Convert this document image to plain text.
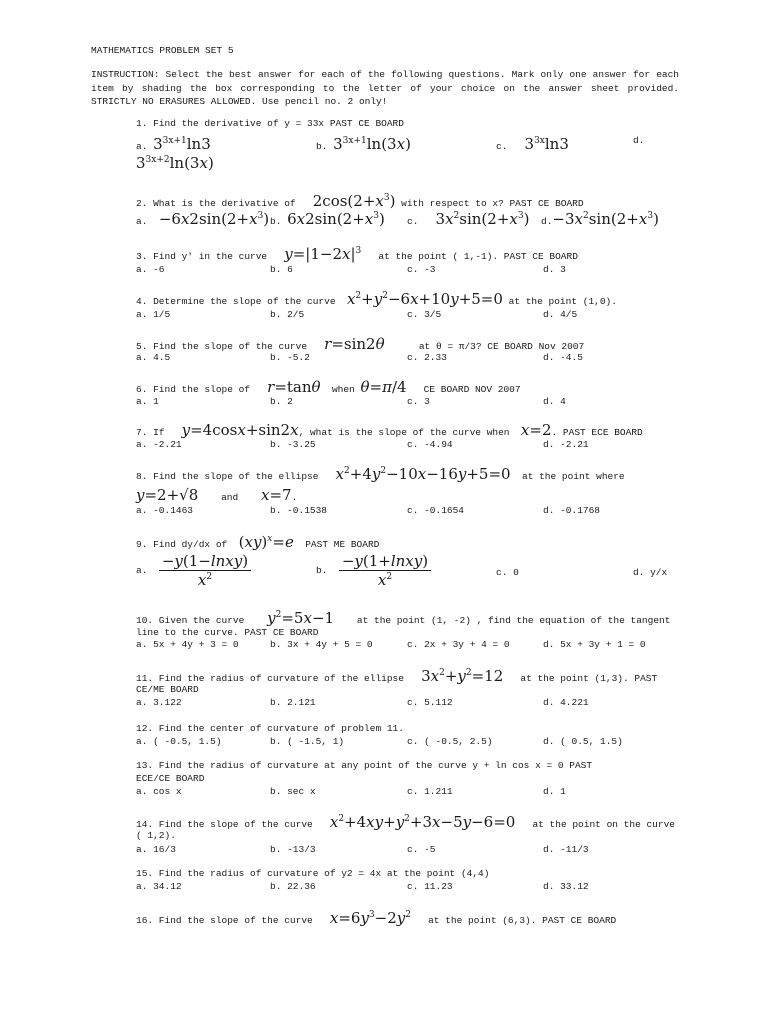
MATHEMATICS PROBLEM SET 5
INSTRUCTION: Select the best answer for each of the following questions. Mark only one answer for each item by shading the box corresponding to the letter of your choice on the answer sheet provided. STRICTLY NO ERASURES ALLOWED. Use pencil no. 2 only!
1. Find the derivative of y = 33x PAST CE BOARD
a. $3^{3x+1}\ln 3$	b. $3^{3x+1}\ln(3x)$	c. $3^{3x}\ln 3$	d.
$3^{3x+2}\ln(3x)$
2. What is the derivative of $2\cos(2+x^3)$ with respect to x? PAST CE BOARD
a. $-6x2\sin(2+x^3)$ b. $6x2\sin(2+x^3)$ c. $3x^2\sin(2+x^3)$ $d.-3x^2\sin(2+x^3)$
3. Find y' in the curve $y=|1-2x|^3$ at the point ( 1,-1). PAST CE BOARD
a. -6	b. 6	c. -3	d. 3
4. Determine the slope of the curve $x^2+y^2-6x+10y+5=0$ at the point (1,0).
a. 1/5	b. 2/5	c. 3/5	d. 4/5
5. Find the slope of the curve r=sin2θ	at θ = π/3? CE BOARD Nov 2007
a. 4.5	b. -5.2	c. 2.33	d. -4.5
6. Find the slope of r=tanθ when θ=π/4 CE BOARD NOV 2007
a. 1	b. 2	c. 3	d. 4
7. If y=4cosx+sin2x, what is the slope of the curve when x=2. PAST ECE BOARD
a. -2.21	b. -3.25	c. -4.94	d. -2.21
8. Find the slope of the ellipse $x^2+4y^2-10x-16y+5=0$ at the point where
y=2+√8 and x=7.
a. -0.1463	b. -0.1538	c. -0.1654	d. -0.1768
9. Find dy/dx of (xy)$^x$=e PAST ME BOARD
a. $\frac{\text{−y(1−lnxy)}}{x^2}$	b. $\frac{\text{−y(1+lnxy)}}{x^2}$	c. 0	d. y/x
10. Given the curve $y^2=5x-1$ at the point (1, -2) , find the equation of the tangent
line to the curve. PAST CE BOARD
a. 5x + 4y + 3 = 0	b. 3x + 4y + 5 = 0	c. 2x + 3y + 4 = 0	d. 5x + 3y + 1 = 0
11. Find the radius of curvature of the ellipse $3x^2+y^2=12$ at the point (1,3). PAST
CE/ME BOARD
a. 3.122	b. 2.121	c. 5.112	d. 4.221
12. Find the center of curvature of problem 11.
a. ( -0.5, 1.5)	b. ( -1.5, 1)	c. ( -0.5, 2.5)	d. ( 0.5, 1.5)
13. Find the radius of curvature at any point of the curve y + ln cos x = 0 PAST
ECE/CE BOARD
a. cos x	b. sec x	c. 1.211	d. 1
14. Find the slope of the curve $x^2+4xy+y^2+3x-5y-6=0$ at the point on the curve
( 1,2).
a. 16/3	b. -13/3	c. -5	d. -11/3
15. Find the radius of curvature of y2 = 4x at the point (4,4)
a. 34.12	b. 22.36	c. 11.23	d. 33.12
16. Find the slope of the curve $x=6y^3-2y^2$ at the point (6,3). PAST CE BOARD
